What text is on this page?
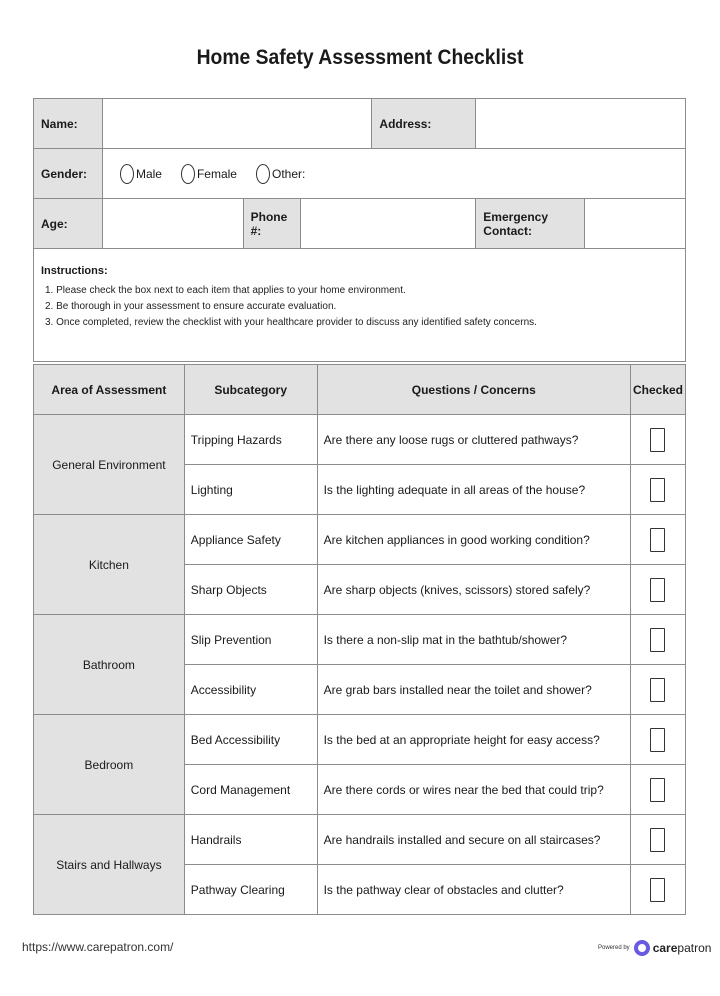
Home Safety Assessment Checklist
Name:				Address:		
Gender:	Male Female Other:					

Age:		Phone #:			Emergency Contact:	

Instructions:
1. Please check the box next to each item that applies to your home environment.
2. Be thorough in your assessment to ensure accurate evaluation.
3. Once completed, review the checklist with your healthcare provider to discuss any identified safety concerns.						
Area of Assessment	Subcategory	Questions / Concerns	Checked
General Environment	Tripping Hazards	Are there any loose rugs or cluttered pathways?	
	Lighting	Is the lighting adequate in all areas of the house?	
Kitchen	Appliance Safety	Are kitchen appliances in good working condition?	
	Sharp Objects	Are sharp objects (knives, scissors) stored safely?	
Bathroom	Slip Prevention	Is there a non-slip mat in the bathtub/shower?	
	Accessibility	Are grab bars installed near the toilet and shower?	
Bedroom	Bed Accessibility	Is the bed at an appropriate height for easy access?	
	Cord Management	Are there cords or wires near the bed that could trip?	
Stairs and Hallways	Handrails	Are handrails installed and secure on all staircases?	
	Pathway Clearing	Is the pathway clear of obstacles and clutter?	
https://www.carepatron.com/	Powered by carepatron
